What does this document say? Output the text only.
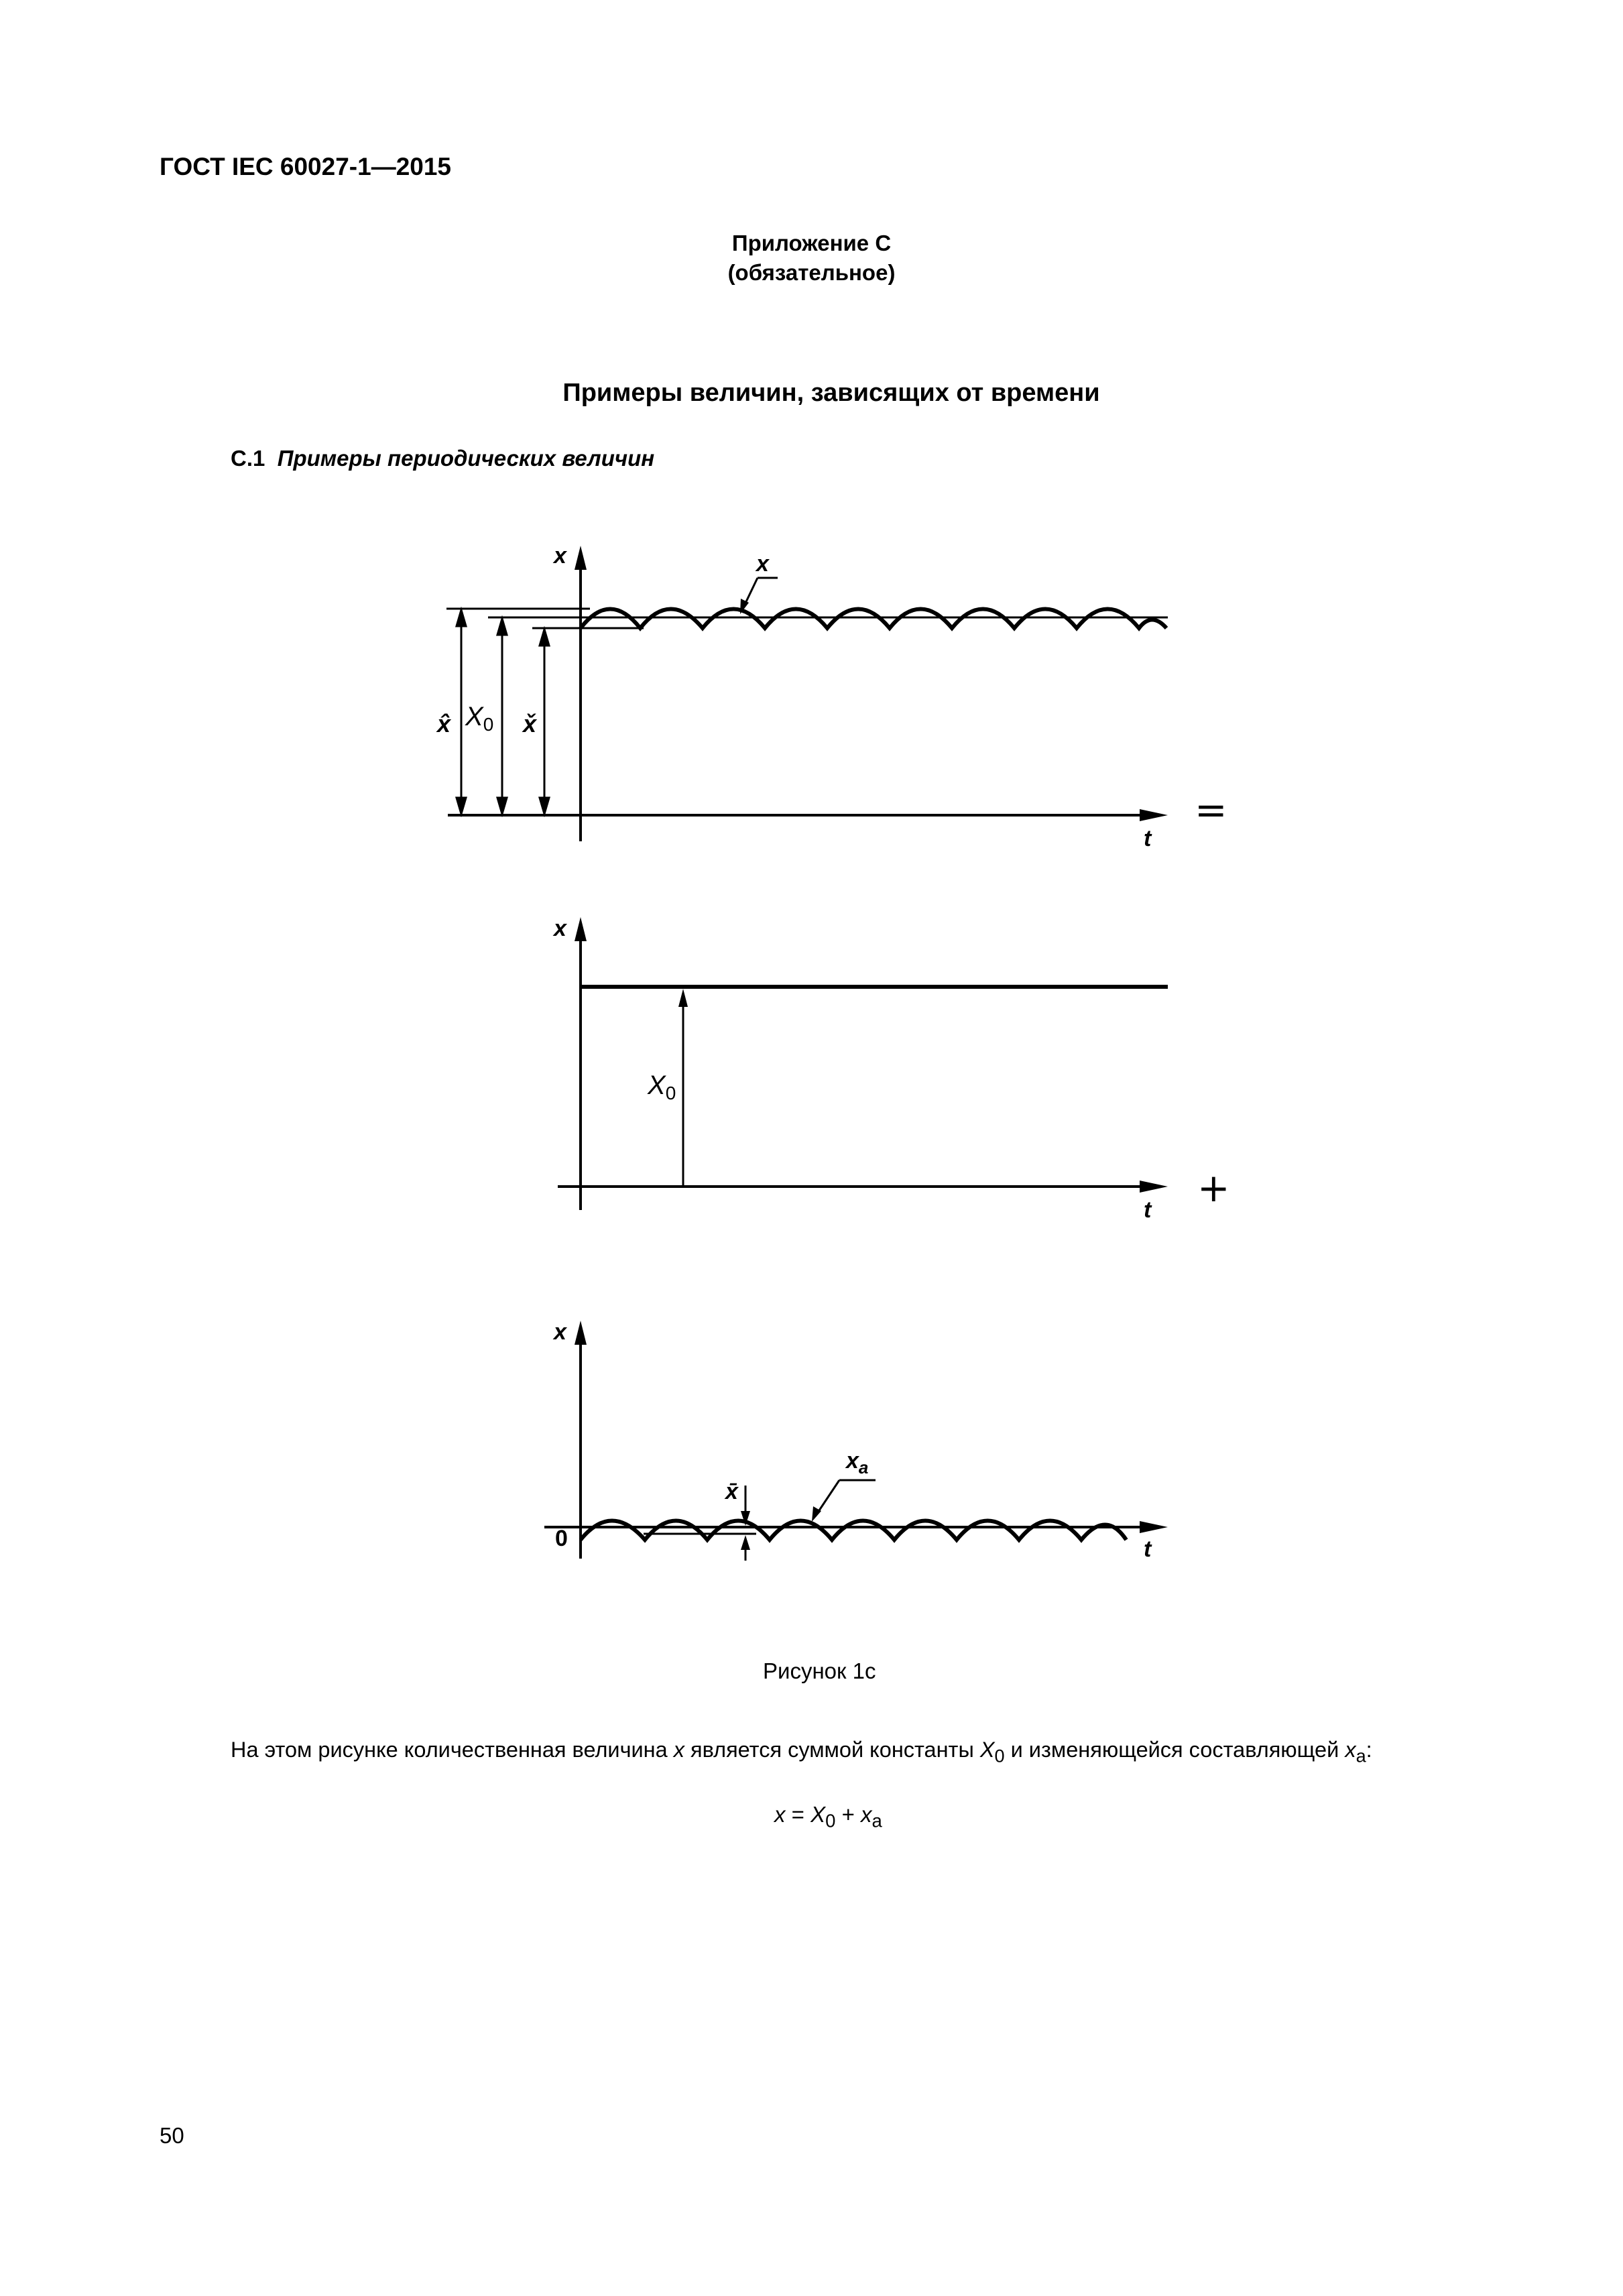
ГОСТ IEC 60027-1—2015
Приложение С
(обязательное)
Примеры величин, зависящих от времени
С.1 Примеры периодических величин
x	x
t
x̂ $X_0$ x̌
=
x
t
$X_0$
+
x
0	t
x̄
$x_a$
Рисунок 1с
На этом рисунке количественная величина x является суммой константы $X_0$ и изменяющейся составляющей $x_a$:
$x = X_0 + x_a$
50
